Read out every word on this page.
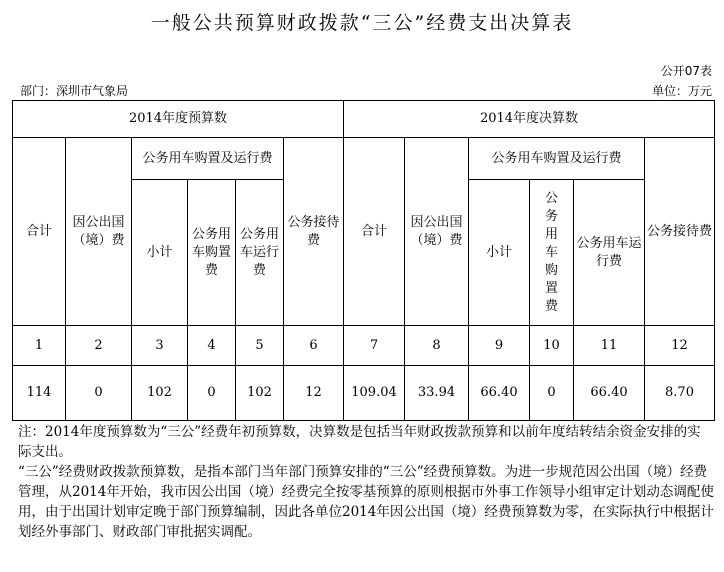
一般公共预算财政拨款“三公”经费支出决算表
公开07表
部门：深圳市气象局	单位：万元
2014年度预算数						2014年度决算数					
合计	因公出国（境）费	公务用车购置及运行费			公务接待费	合计	因公出国（境）费	公务用车购置及运行费			公务接待费
		小计	公务用车购置费	公务用车运行费				小计	公务用车购置费	公务用车运行费	
1	2	3	4	5	6	7	8	9	10	11	12
114	0	102	0	102	12	109.04	33.94	66.40	0	66.40	8.70
注：2014年度预算数为“三公”经费年初预算数，决算数是包括当年财政拨款预算和以前年度结转结余资金安排的实际支出。
“三公”经费财政拨款预算数，是指本部门当年部门预算安排的“三公”经费预算数。为进一步规范因公出国（境）经费管理，从2014年开始，我市因公出国（境）经费完全按零基预算的原则根据市外事工作领导小组审定计划动态调配使用，由于出国计划审定晚于部门预算编制，因此各单位2014年因公出国（境）经费预算数为零，在实际执行中根据计划经外事部门、财政部门审批据实调配。
